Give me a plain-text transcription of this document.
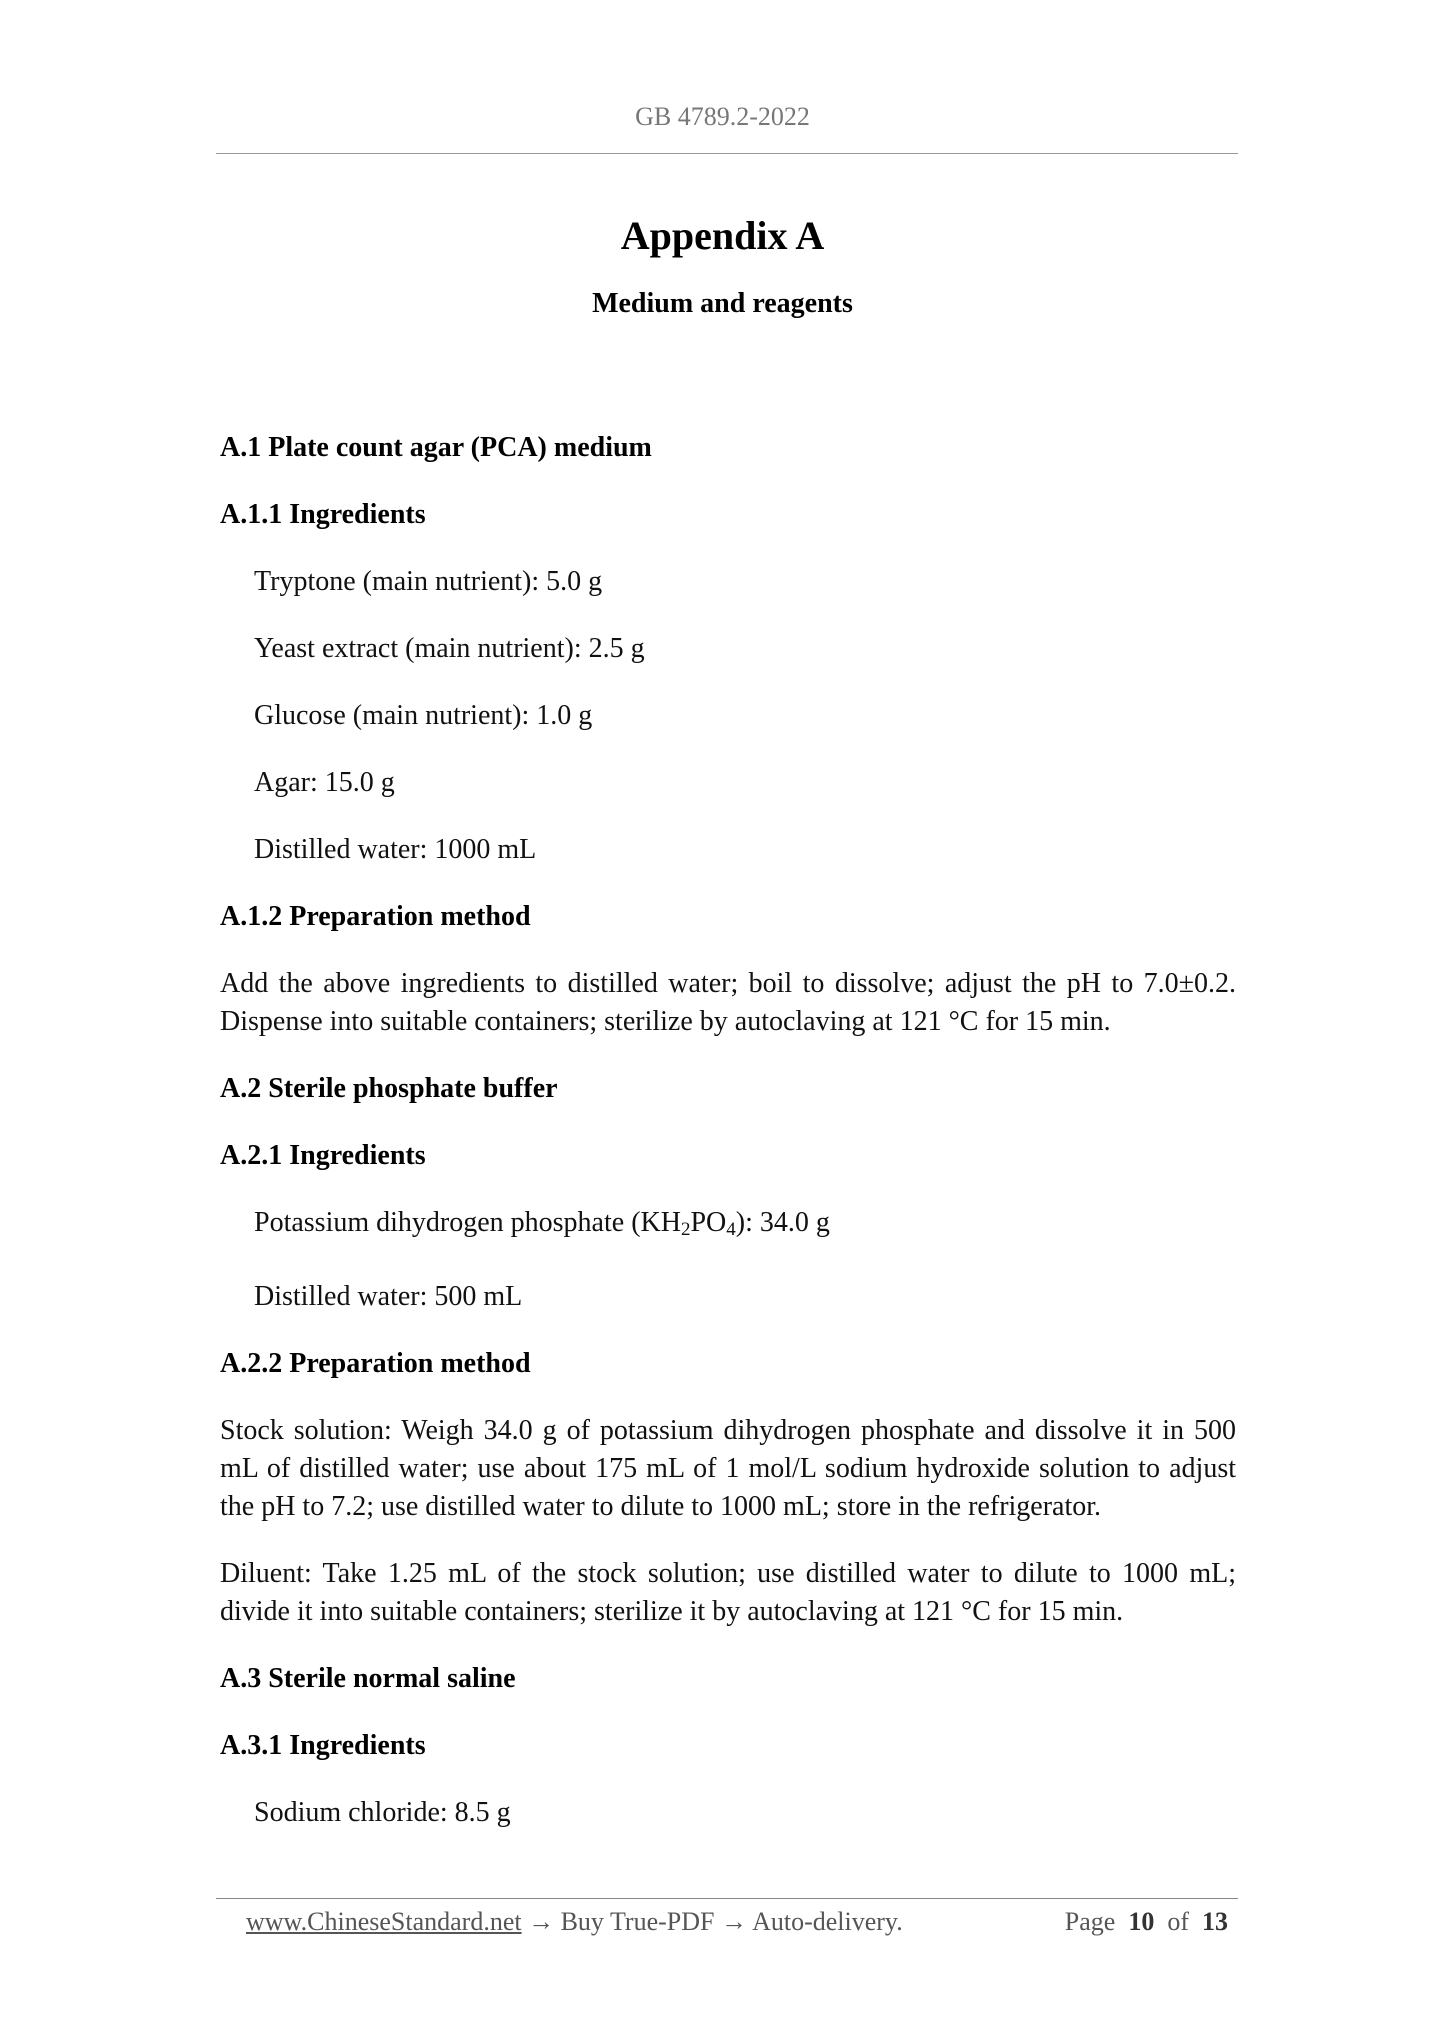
GB 4789.2-2022
Appendix A
Medium and reagents
A.1 Plate count agar (PCA) medium
A.1.1 Ingredients
Tryptone (main nutrient): 5.0 g
Yeast extract (main nutrient): 2.5 g
Glucose (main nutrient): 1.0 g
Agar: 15.0 g
Distilled water: 1000 mL
A.1.2 Preparation method
Add the above ingredients to distilled water; boil to dissolve; adjust the pH to 7.0±0.2. Dispense into suitable containers; sterilize by autoclaving at 121 °C for 15 min.
A.2 Sterile phosphate buffer
A.2.1 Ingredients
Potassium dihydrogen phosphate $(KH_2PO_4)$: 34.0 g
Distilled water: 500 mL
A.2.2 Preparation method
Stock solution: Weigh 34.0 g of potassium dihydrogen phosphate and dissolve it in 500 mL of distilled water; use about 175 mL of 1 mol/L sodium hydroxide solution to adjust the pH to 7.2; use distilled water to dilute to 1000 mL; store in the refrigerator.
Diluent: Take 1.25 mL of the stock solution; use distilled water to dilute to 1000 mL; divide it into suitable containers; sterilize it by autoclaving at 121 °C for 15 min.
A.3 Sterile normal saline
A.3.1 Ingredients
Sodium chloride: 8.5 g
www.ChineseStandard.net → Buy True-PDF → Auto-delivery.	Page 10 of 13
